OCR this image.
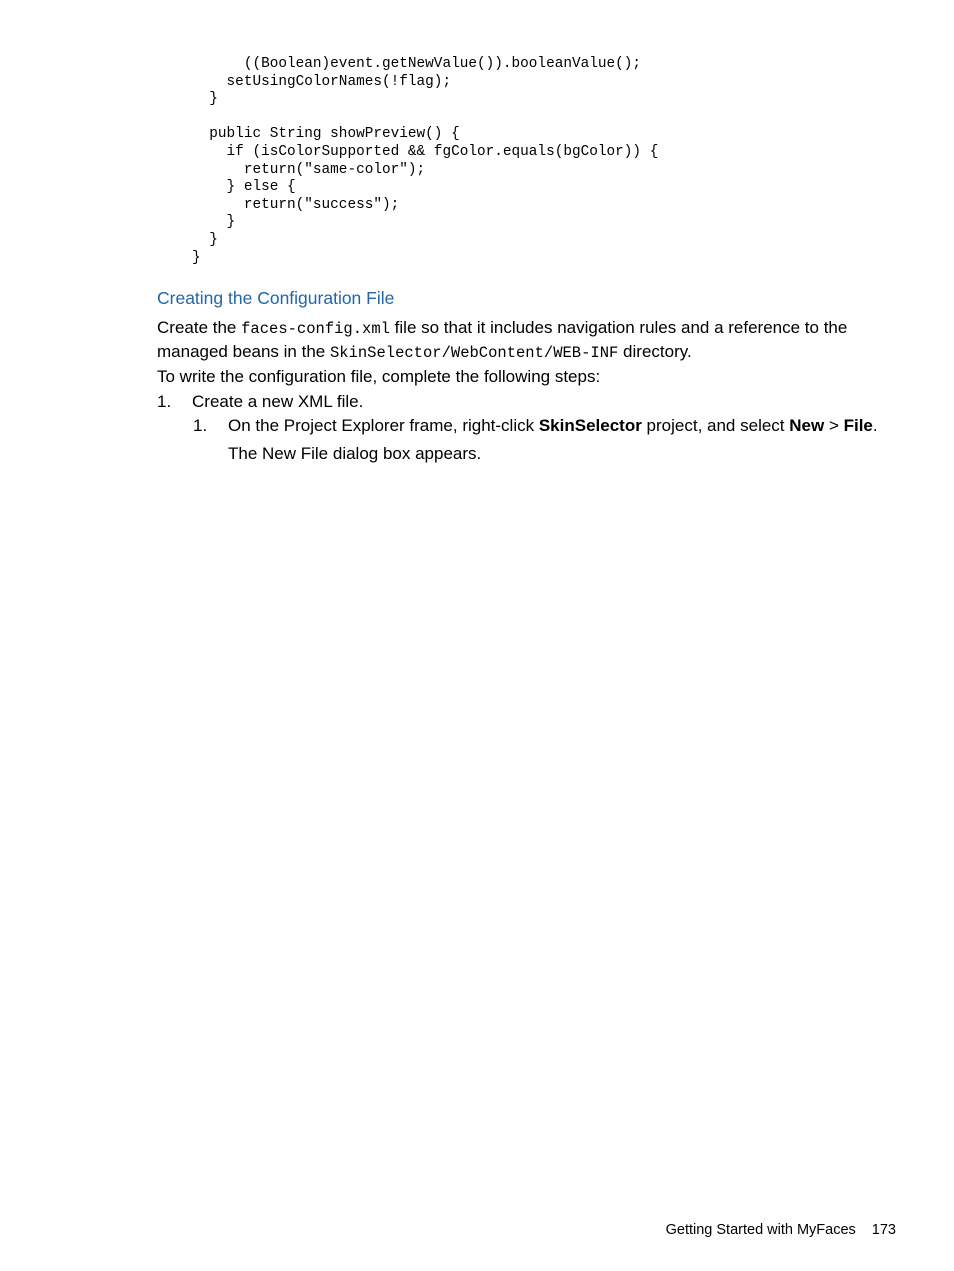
((Boolean)event.getNewValue()).booleanValue();
setUsingColorNames(!flag);
}
public String showPreview() {
if (isColorSupported && fgColor.equals(bgColor)) {
return("same-color");
} else {
return("success");
}
}
}
Creating the Configuration File

Create the faces-config.xml file so that it includes navigation rules and a reference to the managed beans in the SkinSelector/WebContent/WEB-INF directory.

To write the configuration file, complete the following steps:

1. Create a new XML file.
1. On the Project Explorer frame, right-click SkinSelector project, and select New > File.

The New File dialog box appears.

Getting Started with MyFaces 173
